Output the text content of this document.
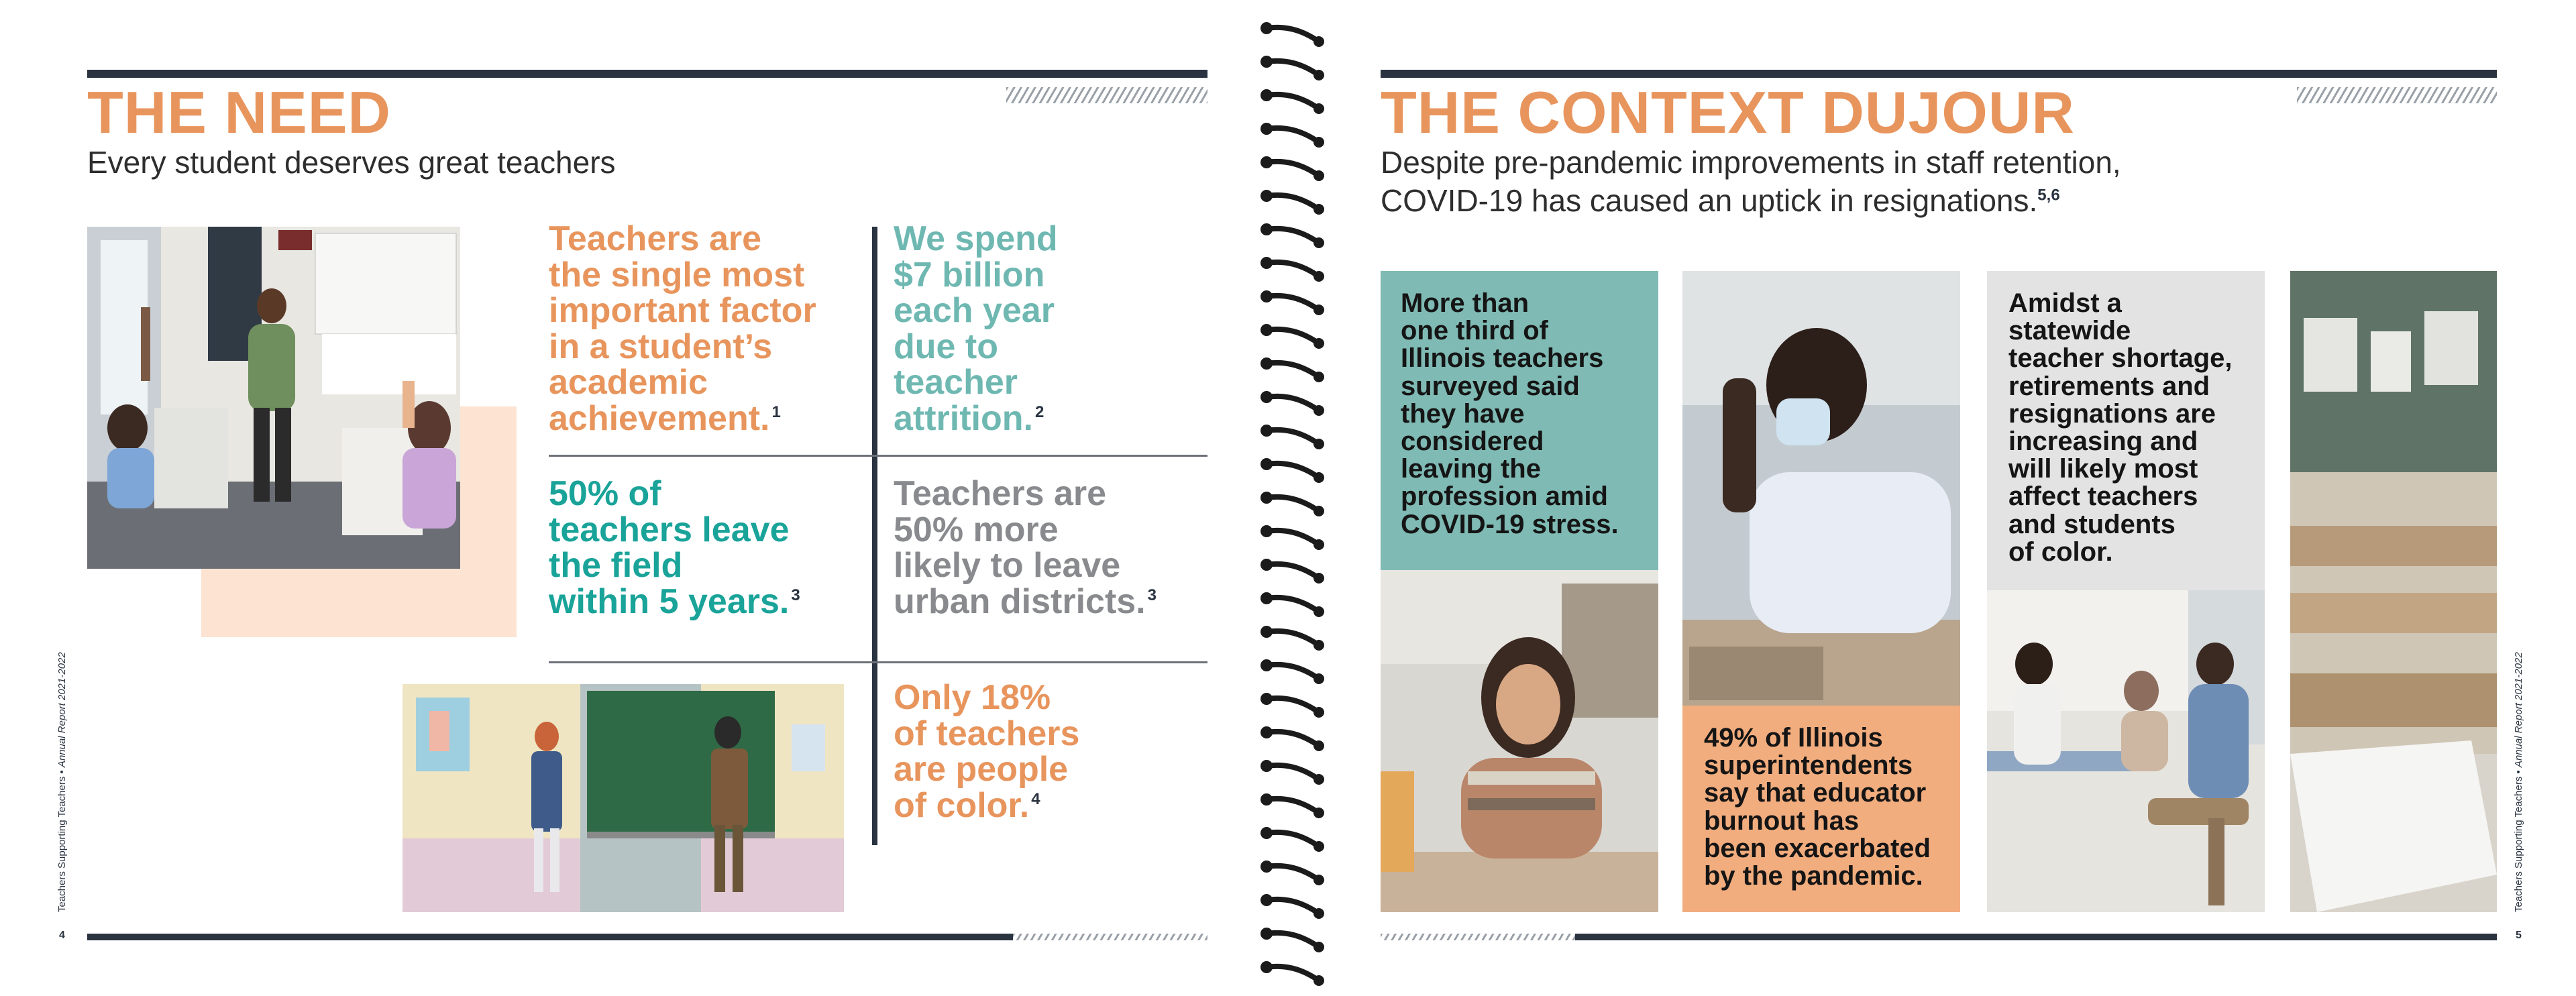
THE NEED
Every student deserves great teachers
Teachers are
the single most
important factor
in a student’s
academic
achievement. $^1$
We spend
$7 billion
each year
due to
teacher
attrition. $^2$
50% of
teachers leave
the field
within 5 years. $^3$
Teachers are
50% more
likely to leave
urban districts. $^3$
Only 18%
of teachers
are people
of color. $^4$
Teachers Supporting Teachers • Annual Report 2021-2022
4
THE CONTEXT DUJOUR
Despite pre-pandemic improvements in staff retention,
COVID-19 has caused an uptick in resignations.$^{5,6}$
More than
one third of
Illinois teachers
surveyed said
they have
considered
leaving the
profession amid
COVID-19 stress.
49% of Illinois
superintendents
say that educator
burnout has
been exacerbated
by the pandemic.
Amidst a
statewide
teacher shortage,
retirements and
resignations are
increasing and
will likely most
affect teachers
and students
of color.
Teachers Supporting Teachers • Annual Report 2021-2022
5
